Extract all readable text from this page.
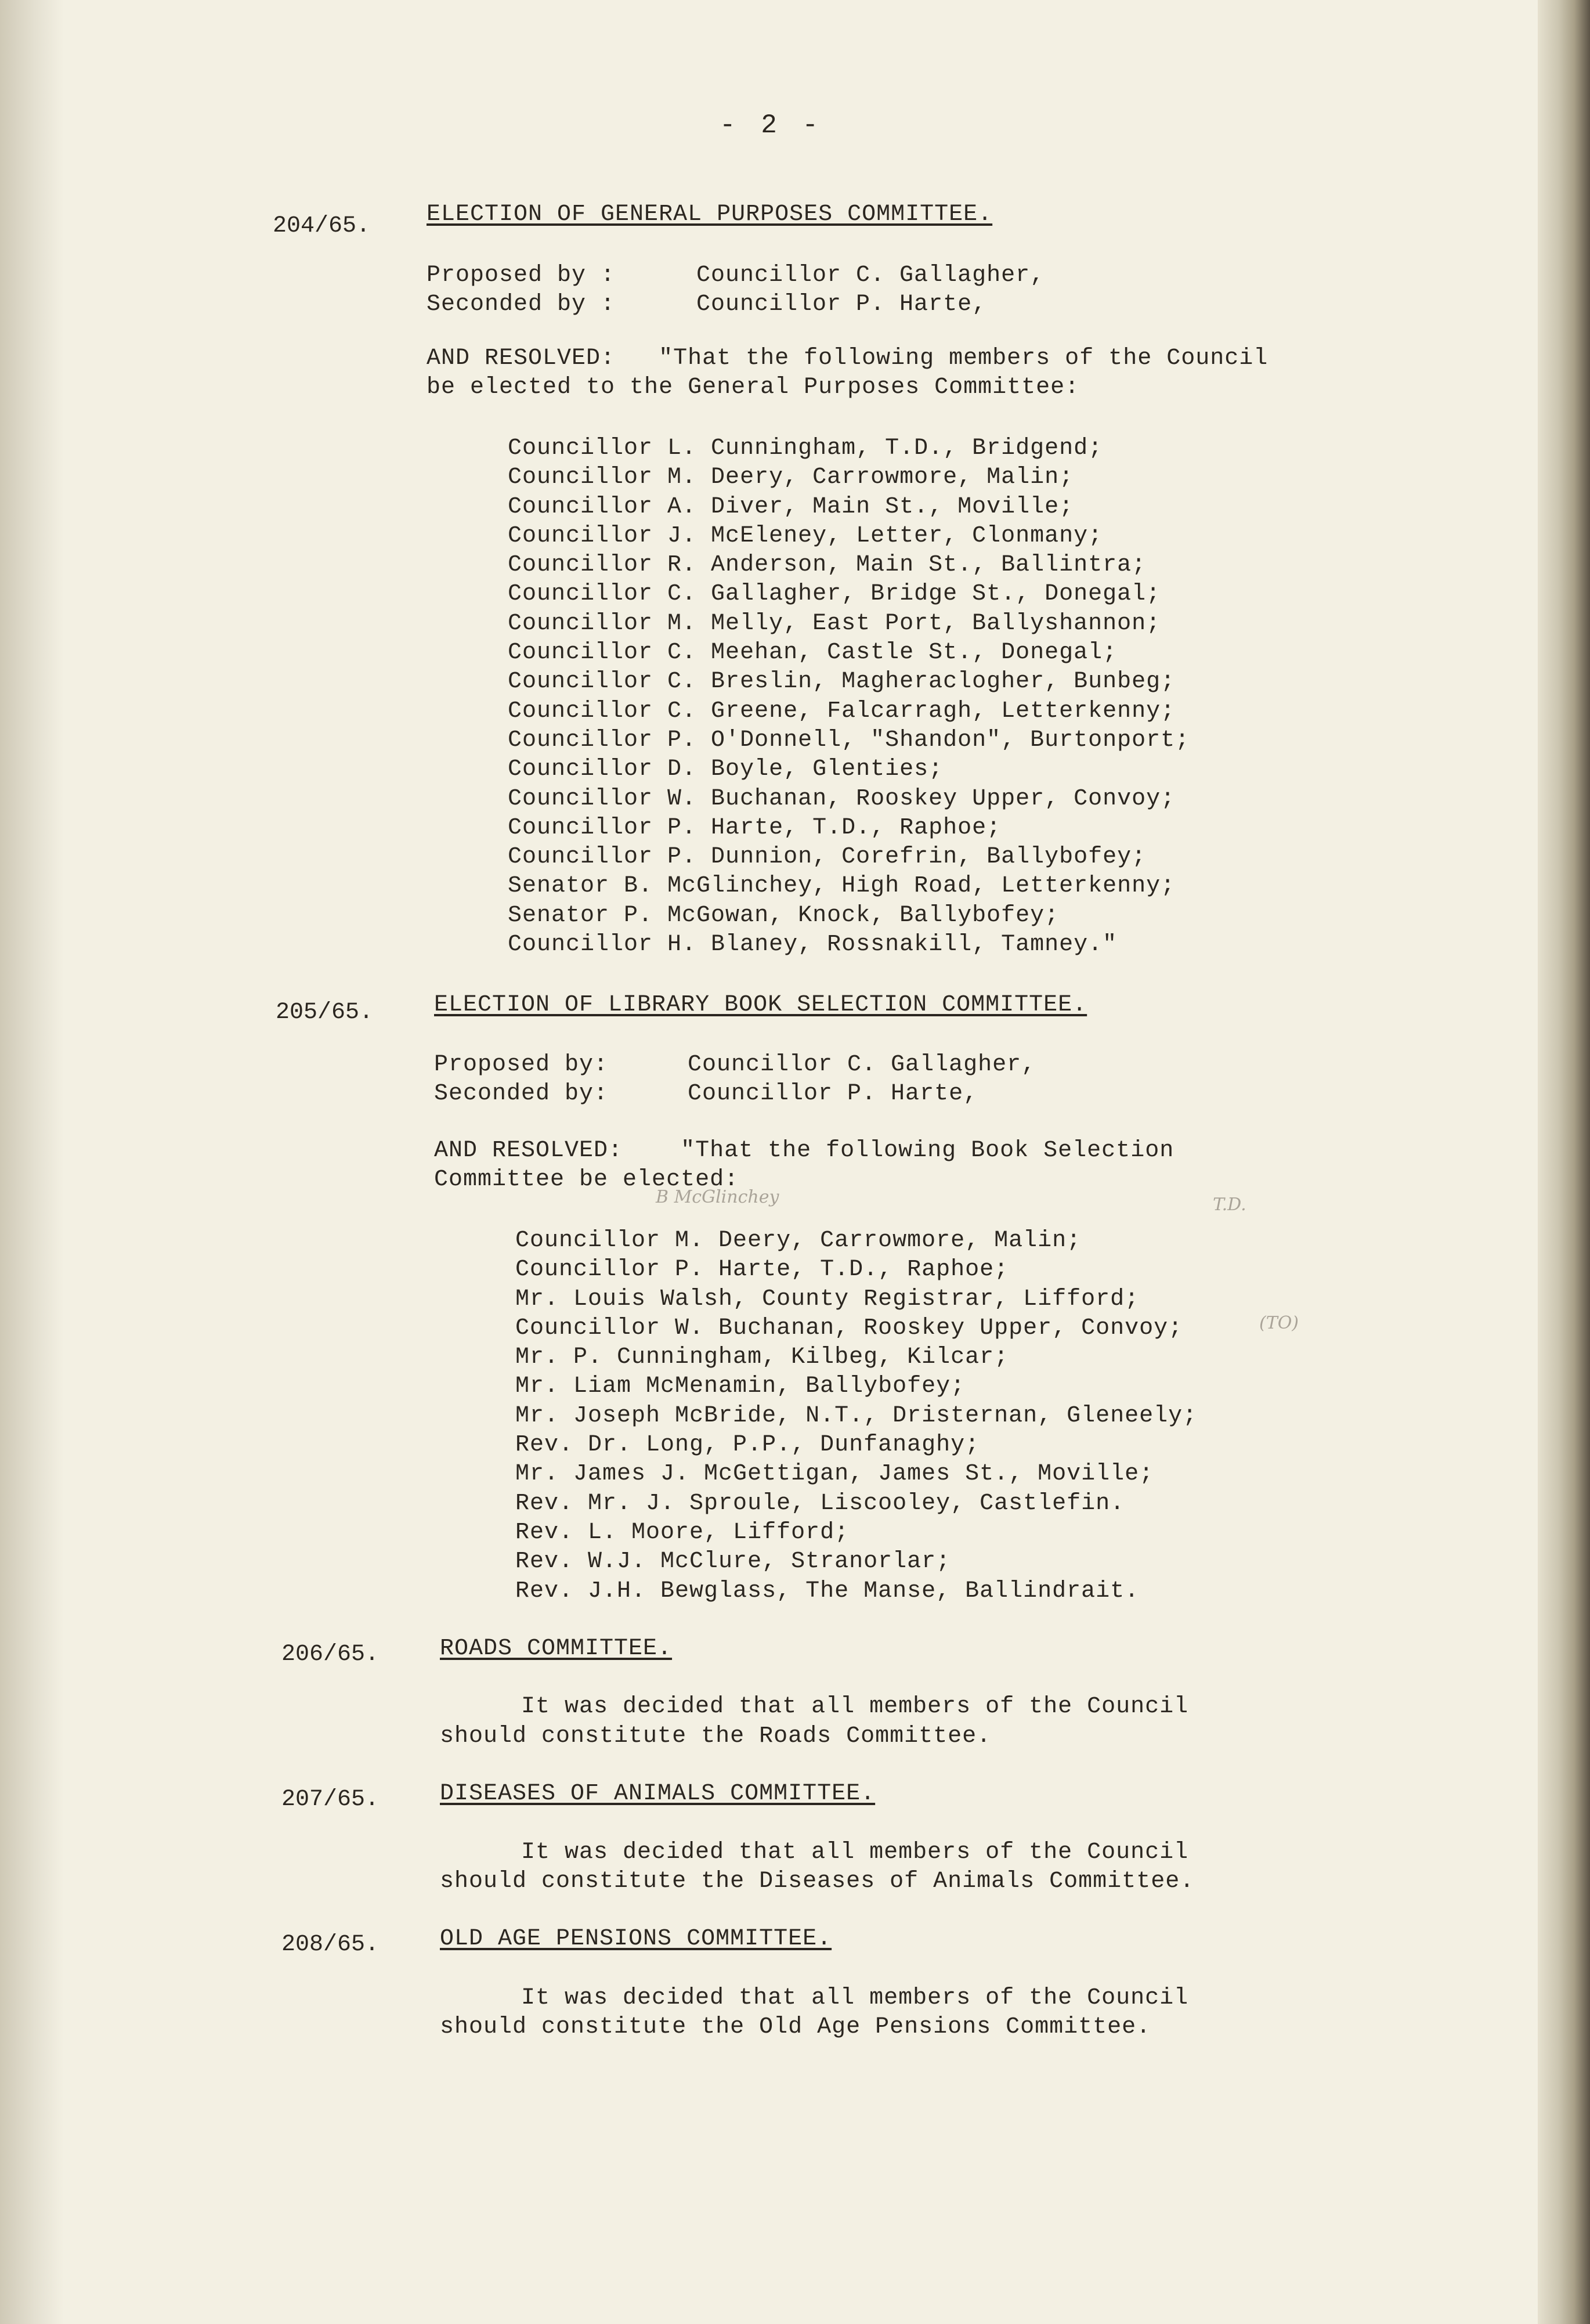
- 2 -
204/65. ELECTION OF GENERAL PURPOSES COMMITTEE.
Proposed by :	Councillor C. Gallagher,
Seconded by :	Councillor P. Harte,
AND RESOLVED:   "That the following members of the Council
be elected to the General Purposes Committee:
Councillor L. Cunningham, T.D., Bridgend;
Councillor M. Deery, Carrowmore, Malin;
Councillor A. Diver, Main St., Moville;
Councillor J. McEleney, Letter, Clonmany;
Councillor R. Anderson, Main St., Ballintra;
Councillor C. Gallagher, Bridge St., Donegal;
Councillor M. Melly, East Port, Ballyshannon;
Councillor C. Meehan, Castle St., Donegal;
Councillor C. Breslin, Magheraclogher, Bunbeg;
Councillor C. Greene, Falcarragh, Letterkenny;
Councillor P. O'Donnell, "Shandon", Burtonport;
Councillor D. Boyle, Glenties;
Councillor W. Buchanan, Rooskey Upper, Convoy;
Councillor P. Harte, T.D., Raphoe;
Councillor P. Dunnion, Corefrin, Ballybofey;
Senator B. McGlinchey, High Road, Letterkenny;
Senator P. McGowan, Knock, Ballybofey;
Councillor H. Blaney, Rossnakill, Tamney."
205/65.	ELECTION OF LIBRARY BOOK SELECTION COMMITTEE.
Proposed by:	Councillor C. Gallagher,
Seconded by:	Councillor P. Harte,
AND RESOLVED:    "That the following Book Selection
Committee be elected:
B McGlinchey	T.D.
Councillor M. Deery, Carrowmore, Malin;
Councillor P. Harte, T.D., Raphoe;
Mr. Louis Walsh, County Registrar, Lifford;
Councillor W. Buchanan, Rooskey Upper, Convoy;
Mr. P. Cunningham, Kilbeg, Kilcar;
Mr. Liam McMenamin, Ballybofey;
Mr. Joseph McBride, N.T., Dristernan, Gleneely;
Rev. Dr. Long, P.P., Dunfanaghy;
Mr. James J. McGettigan, James St., Moville;
Rev. Mr. J. Sproule, Liscooley, Castlefin.
Rev. L. Moore, Lifford;
Rev. W.J. McClure, Stranorlar;
Rev. J.H. Bewglass, The Manse, Ballindrait.
(TO)
206/65.	ROADS COMMITTEE.
It was decided that all members of the Council
should constitute the Roads Committee.
207/65.	DISEASES OF ANIMALS COMMITTEE.
It was decided that all members of the Council
should constitute the Diseases of Animals Committee.
208/65.	OLD AGE PENSIONS COMMITTEE.
It was decided that all members of the Council
should constitute the Old Age Pensions Committee.
